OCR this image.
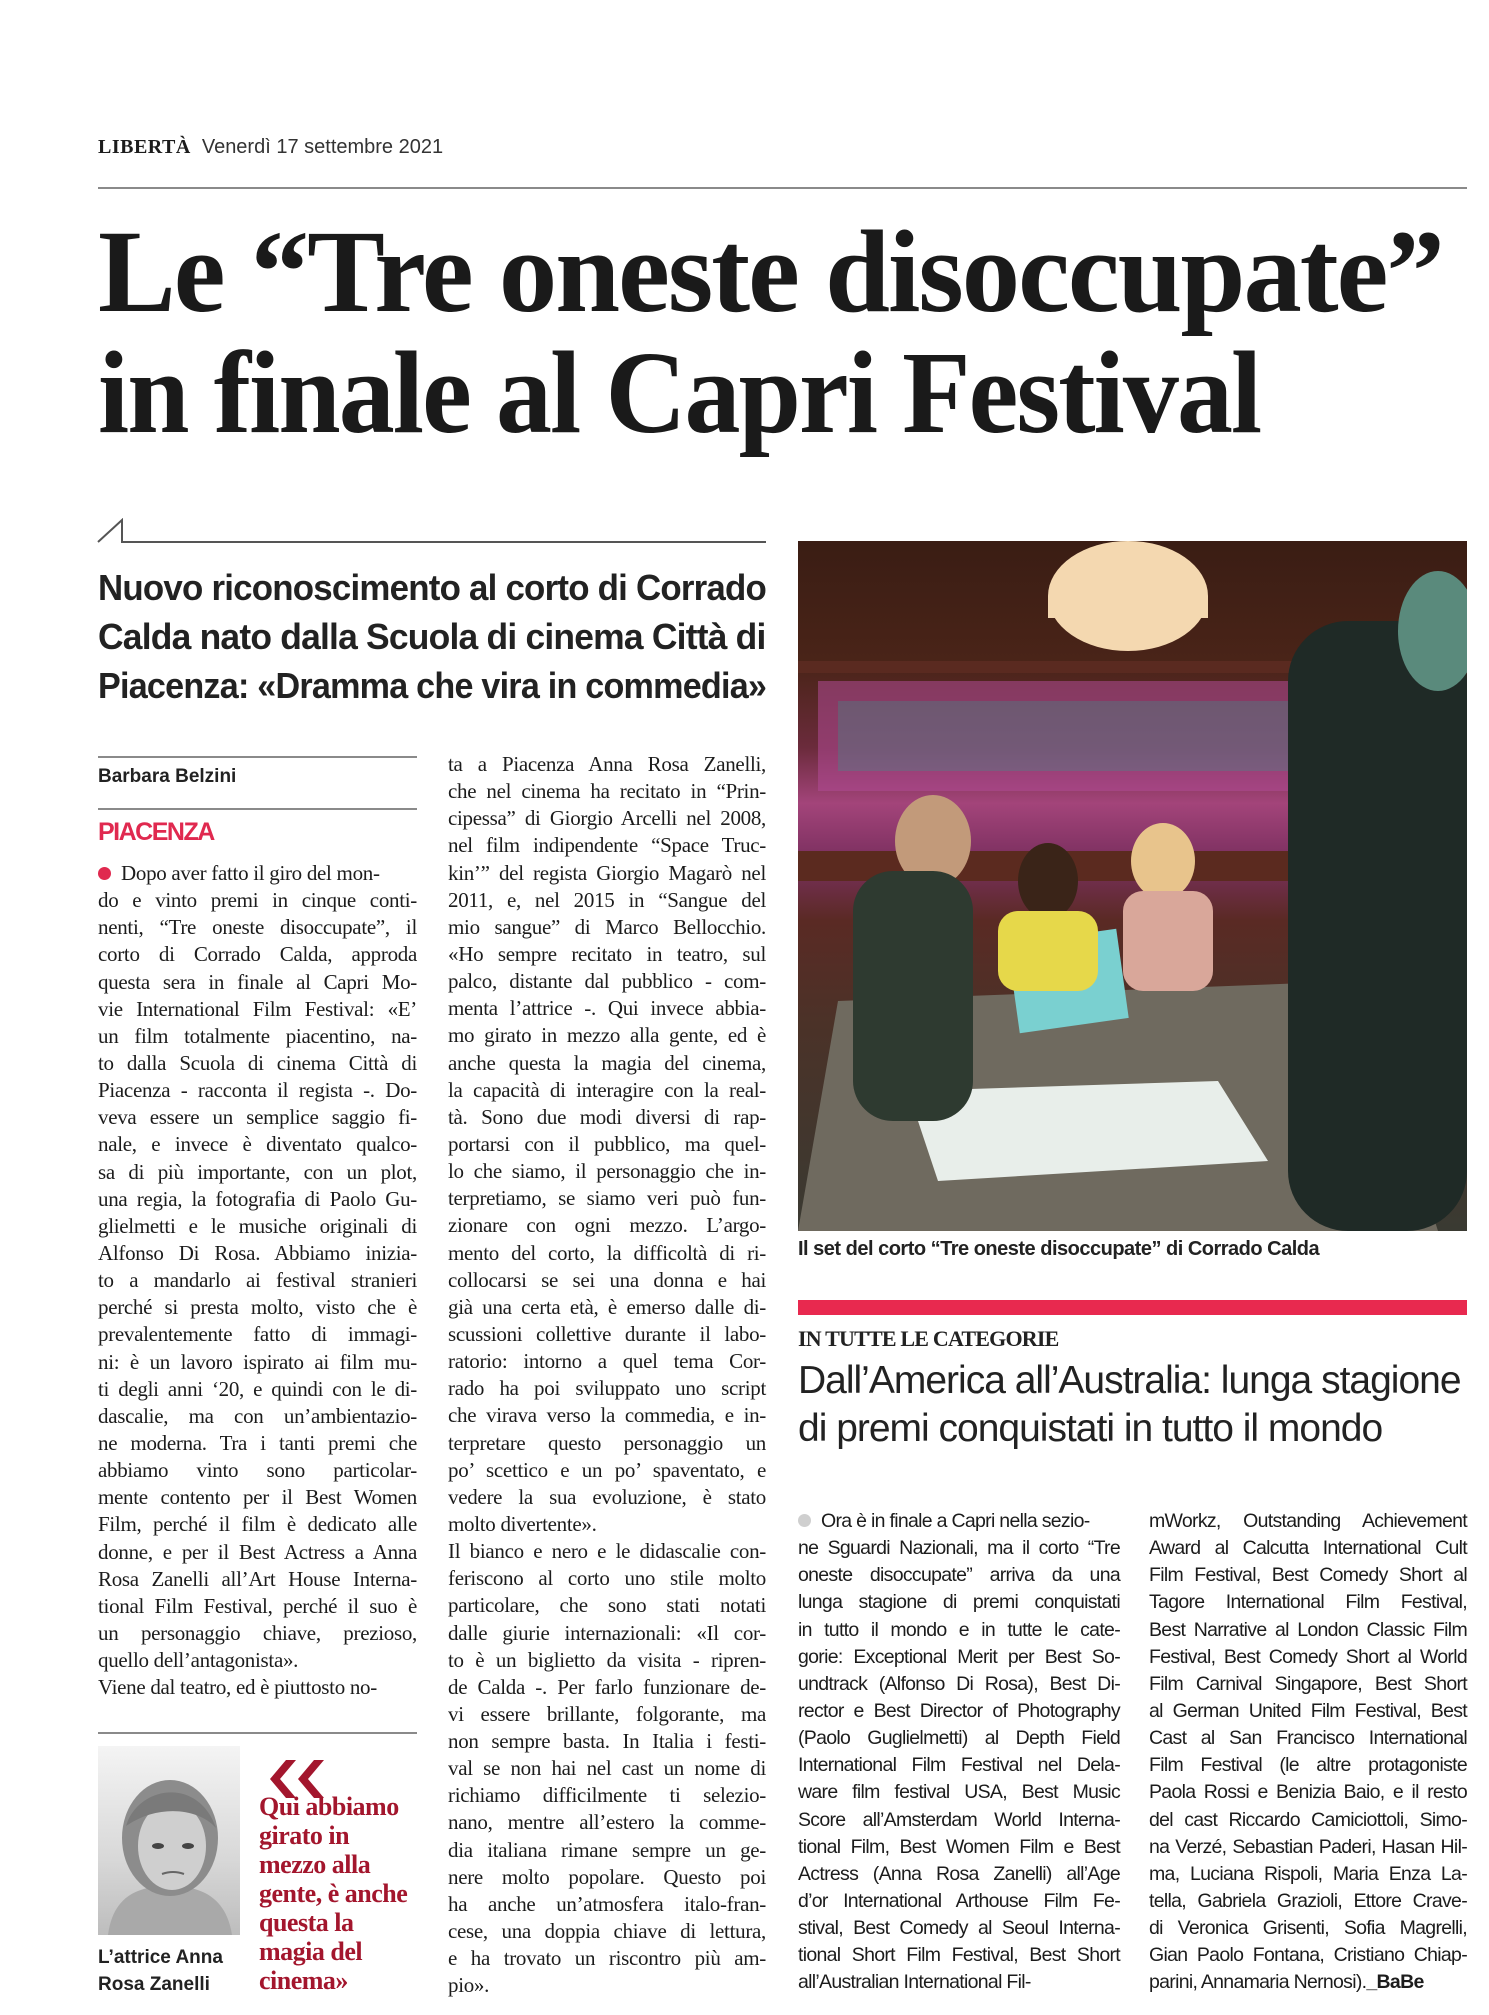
LIBERTÀ Venerdì 17 settembre 2021
Le “Tre oneste disoccupate”
in finale al Capri Festival
Nuovo riconoscimento al corto di Corrado
Calda nato dalla Scuola di cinema Città di
Piacenza: «Dramma che vira in commedia»
Barbara Belzini
PIACENZA
Dopo aver fatto il giro del mon-
do e vinto premi in cinque conti-
nenti, “Tre oneste disoccupate”, il
corto di Corrado Calda, approda
questa sera in finale al Capri Mo-
vie International Film Festival: «E’
un film totalmente piacentino, na-
to dalla Scuola di cinema Città di
Piacenza - racconta il regista -. Do-
veva essere un semplice saggio fi-
nale, e invece è diventato qualco-
sa di più importante, con un plot,
una regia, la fotografia di Paolo Gu-
glielmetti e le musiche originali di
Alfonso Di Rosa. Abbiamo inizia-
to a mandarlo ai festival stranieri
perché si presta molto, visto che è
prevalentemente fatto di immagi-
ni: è un lavoro ispirato ai film mu-
ti degli anni ‘20, e quindi con le di-
dascalie, ma con un’ambientazio-
ne moderna. Tra i tanti premi che
abbiamo vinto sono particolar-
mente contento per il Best Women
Film, perché il film è dedicato alle
donne, e per il Best Actress a Anna
Rosa Zanelli all’Art House Interna-
tional Film Festival, perché il suo è
un personaggio chiave, prezioso,
quello dell’antagonista».
Viene dal teatro, ed è piuttosto no-
ta a Piacenza Anna Rosa Zanelli,
che nel cinema ha recitato in “Prin-
cipessa” di Giorgio Arcelli nel 2008,
nel film indipendente “Space Truc-
kin’” del regista Giorgio Magarò nel
2011, e, nel 2015 in “Sangue del
mio sangue” di Marco Bellocchio.
«Ho sempre recitato in teatro, sul
palco, distante dal pubblico - com-
menta l’attrice -. Qui invece abbia-
mo girato in mezzo alla gente, ed è
anche questa la magia del cinema,
la capacità di interagire con la real-
tà. Sono due modi diversi di rap-
portarsi con il pubblico, ma quel-
lo che siamo, il personaggio che in-
terpretiamo, se siamo veri può fun-
zionare con ogni mezzo. L’argo-
mento del corto, la difficoltà di ri-
collocarsi se sei una donna e hai
già una certa età, è emerso dalle di-
scussioni collettive durante il labo-
ratorio: intorno a quel tema Cor-
rado ha poi sviluppato uno script
che virava verso la commedia, e in-
terpretare questo personaggio un
po’ scettico e un po’ spaventato, e
vedere la sua evoluzione, è stato
molto divertente».
Il bianco e nero e le didascalie con-
feriscono al corto uno stile molto
particolare, che sono stati notati
dalle giurie internazionali: «Il cor-
to è un biglietto da visita - ripren-
de Calda -. Per farlo funzionare de-
vi essere brillante, folgorante, ma
non sempre basta. In Italia i festi-
val se non hai nel cast un nome di
richiamo difficilmente ti selezio-
nano, mentre all’estero la comme-
dia italiana rimane sempre un ge-
nere molto popolare. Questo poi
ha anche un’atmosfera italo-fran-
cese, una doppia chiave di lettura,
e ha trovato un riscontro più am-
pio».
L’attrice Anna
Rosa Zanelli
Qui abbiamo
girato in
mezzo alla
gente, è anche
questa la
magia del
cinema»
Il set del corto “Tre oneste disoccupate” di Corrado Calda
IN TUTTE LE CATEGORIE
Dall’America all’Australia: lunga stagione
di premi conquistati in tutto il mondo
Ora è in finale a Capri nella sezio-
ne Sguardi Nazionali, ma il corto “Tre
oneste disoccupate” arriva da una
lunga stagione di premi conquistati
in tutto il mondo e in tutte le cate-
gorie: Exceptional Merit per Best So-
undtrack (Alfonso Di Rosa), Best Di-
rector e Best Director of Photography
(Paolo Guglielmetti) al Depth Field
International Film Festival nel Dela-
ware film festival USA, Best Music
Score all’Amsterdam World Interna-
tional Film, Best Women Film e Best
Actress (Anna Rosa Zanelli) all’Age
d’or International Arthouse Film Fe-
stival, Best Comedy al Seoul Interna-
tional Short Film Festival, Best Short
all’Australian International Fil-
mWorkz, Outstanding Achievement
Award al Calcutta International Cult
Film Festival, Best Comedy Short al
Tagore International Film Festival,
Best Narrative al London Classic Film
Festival, Best Comedy Short al World
Film Carnival Singapore, Best Short
al German United Film Festival, Best
Cast al San Francisco International
Film Festival (le altre protagoniste
Paola Rossi e Benizia Baio, e il resto
del cast Riccardo Camiciottoli, Simo-
na Verzé, Sebastian Paderi, Hasan Hil-
ma, Luciana Rispoli, Maria Enza La-
tella, Gabriela Grazioli, Ettore Crave-
di Veronica Grisenti, Sofia Magrelli,
Gian Paolo Fontana, Cristiano Chiap-
parini, Annamaria Nernosi)._BaBe
